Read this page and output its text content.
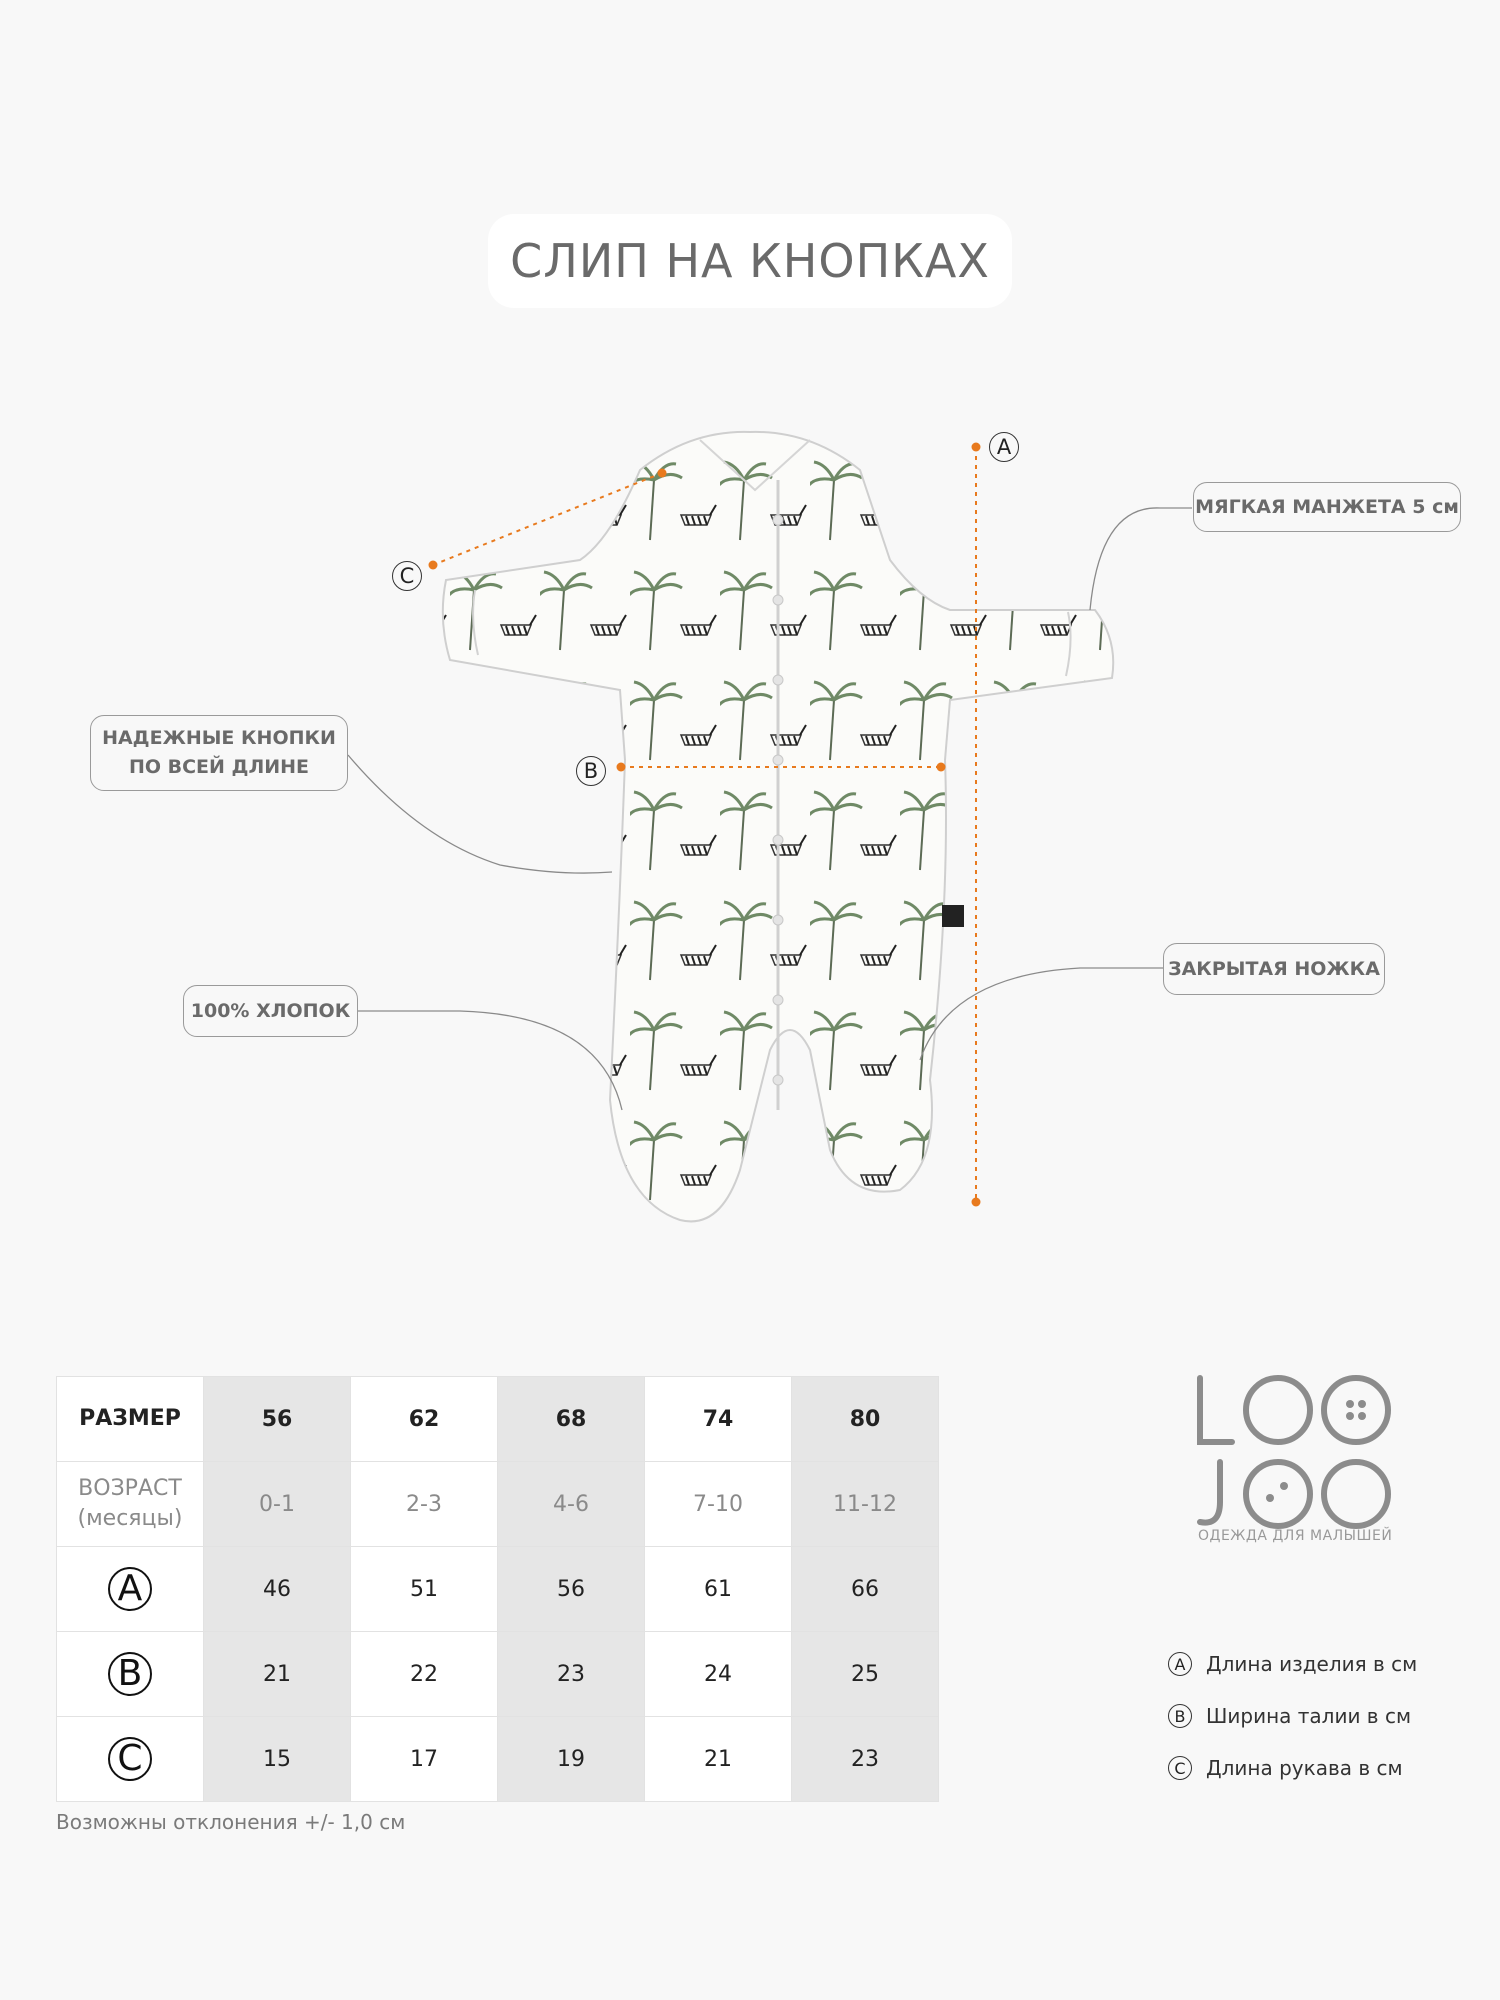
СЛИП НА КНОПКАХ
A
B
C
МЯГКАЯ МАНЖЕТА 5 см
НАДЕЖНЫЕ КНОПКИ
ПО ВСЕЙ ДЛИНЕ
100% ХЛОПОК
ЗАКРЫТАЯ НОЖКА
РАЗМЕР	56	62	68	74	80
ВОЗРАСТ
(месяцы)	0-1	2-3	4-6	7-10	11-12
A	46	51	56	61	66
B	21	22	23	24	25
C	15	17	19	21	23
Возможны отклонения +/- 1,0 см
ОДЕЖДА ДЛЯ МАЛЫШЕЙ
A	Длина изделия в см
B	Ширина талии в см
C	Длина рукава в см
